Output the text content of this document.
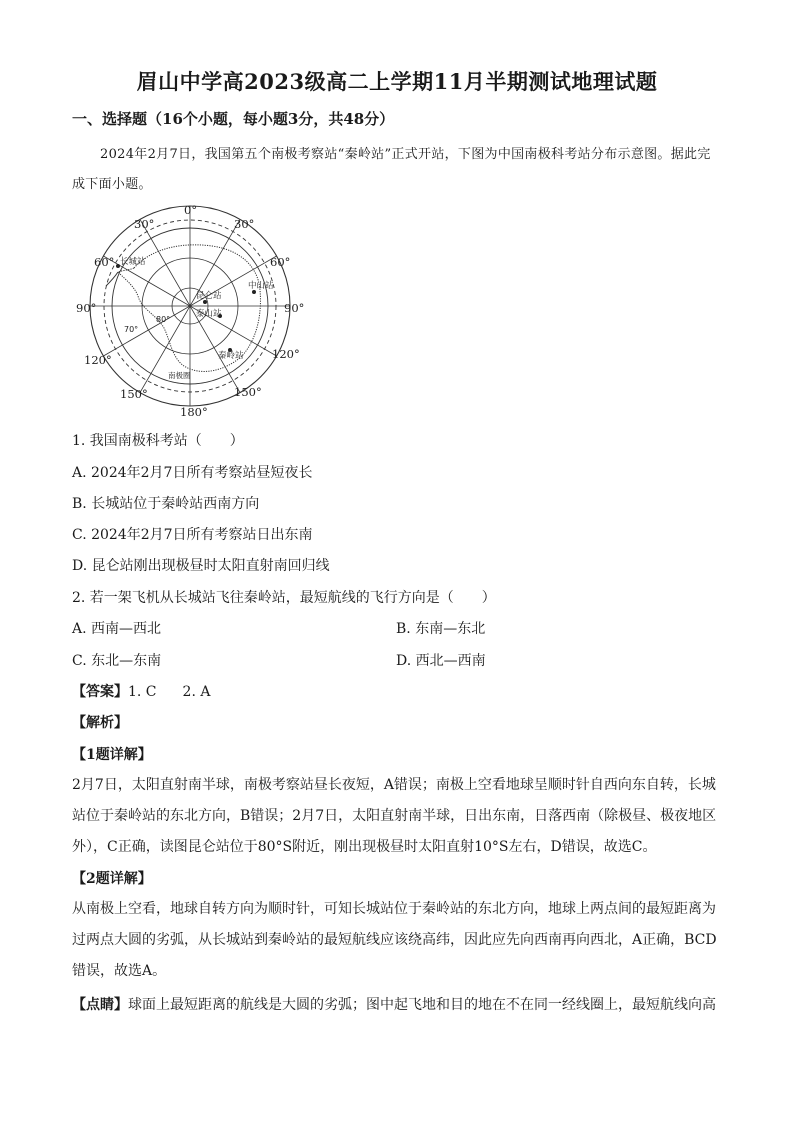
眉山中学高2023级高二上学期11月半期测试地理试题
一、选择题（16个小题，每小题3分，共48分）
2024年2月7日，我国第五个南极考察站“秦岭站”正式开站，下图为中国南极科考站分布示意图。据此完成下面小题。
长城站
昆仑站
中山站
泰山站
秦岭站
南极圈
70°
80°
0°
30°	30°
60°	60°
90°	90°
120°	120°
150°	150°
180°
1. 我国南极科考站（　　）
A. 2024年2月7日所有考察站昼短夜长
B. 长城站位于秦岭站西南方向
C. 2024年2月7日所有考察站日出东南
D. 昆仑站刚出现极昼时太阳直射南回归线
2. 若一架飞机从长城站飞往秦岭站，最短航线的飞行方向是（　　）
A. 西南—西北	B. 东南—东北
C. 东北—东南	D. 西北—西南
【答案】1. C 2. A
【解析】
【1题详解】
2月7日，太阳直射南半球，南极考察站昼长夜短，A错误；南极上空看地球呈顺时针自西向东自转，长城站位于秦岭站的东北方向，B错误；2月7日，太阳直射南半球，日出东南，日落西南（除极昼、极夜地区外），C正确，读图昆仑站位于80°S附近，刚出现极昼时太阳直射10°S左右，D错误，故选C。
【2题详解】
从南极上空看，地球自转方向为顺时针，可知长城站位于秦岭站的东北方向，地球上两点间的最短距离为过两点大圆的劣弧，从长城站到秦岭站的最短航线应该绕高纬，因此应先向西南再向西北，A正确，BCD错误，故选A。
【点睛】球面上最短距离的航线是大圆的劣弧；图中起飞地和目的地在不在同一经线圈上，最短航线向高
